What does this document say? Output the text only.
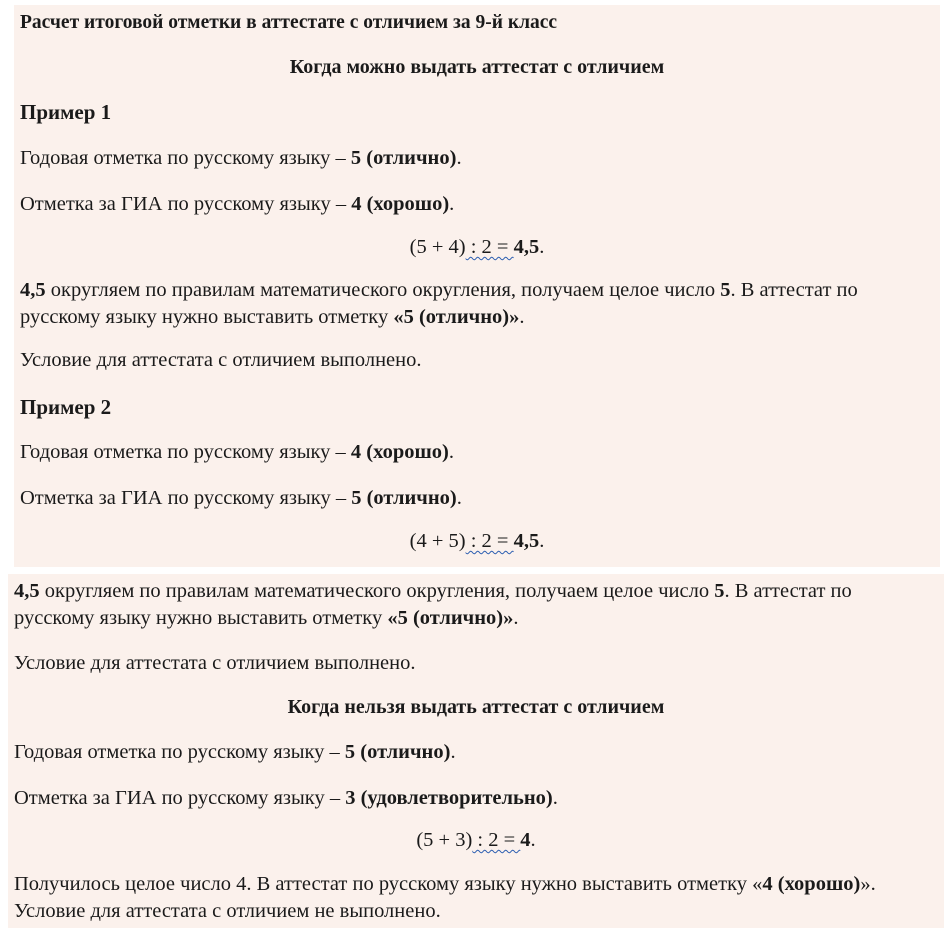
Расчет итоговой отметки в аттестате с отличием за 9-й класс
Когда можно выдать аттестат с отличием
Пример 1
Годовая отметка по русскому языку – 5 (отлично).
Отметка за ГИА по русскому языку – 4 (хорошо).
(5 + 4) : 2 = 4,5.
4,5 округляем по правилам математического округления, получаем целое число 5. В аттестат по русскому языку нужно выставить отметку «5 (отлично)».
Условие для аттестата с отличием выполнено.
Пример 2
Годовая отметка по русскому языку – 4 (хорошо).
Отметка за ГИА по русскому языку – 5 (отлично).
(4 + 5) : 2 = 4,5.
4,5 округляем по правилам математического округления, получаем целое число 5. В аттестат по русскому языку нужно выставить отметку «5 (отлично)».
Условие для аттестата с отличием выполнено.
Когда нельзя выдать аттестат с отличием
Годовая отметка по русскому языку – 5 (отлично).
Отметка за ГИА по русскому языку – 3 (удовлетворительно).
(5 + 3) : 2 = 4.
Получилось целое число 4. В аттестат по русскому языку нужно выставить отметку «4 (хорошо)». Условие для аттестата с отличием не выполнено.
